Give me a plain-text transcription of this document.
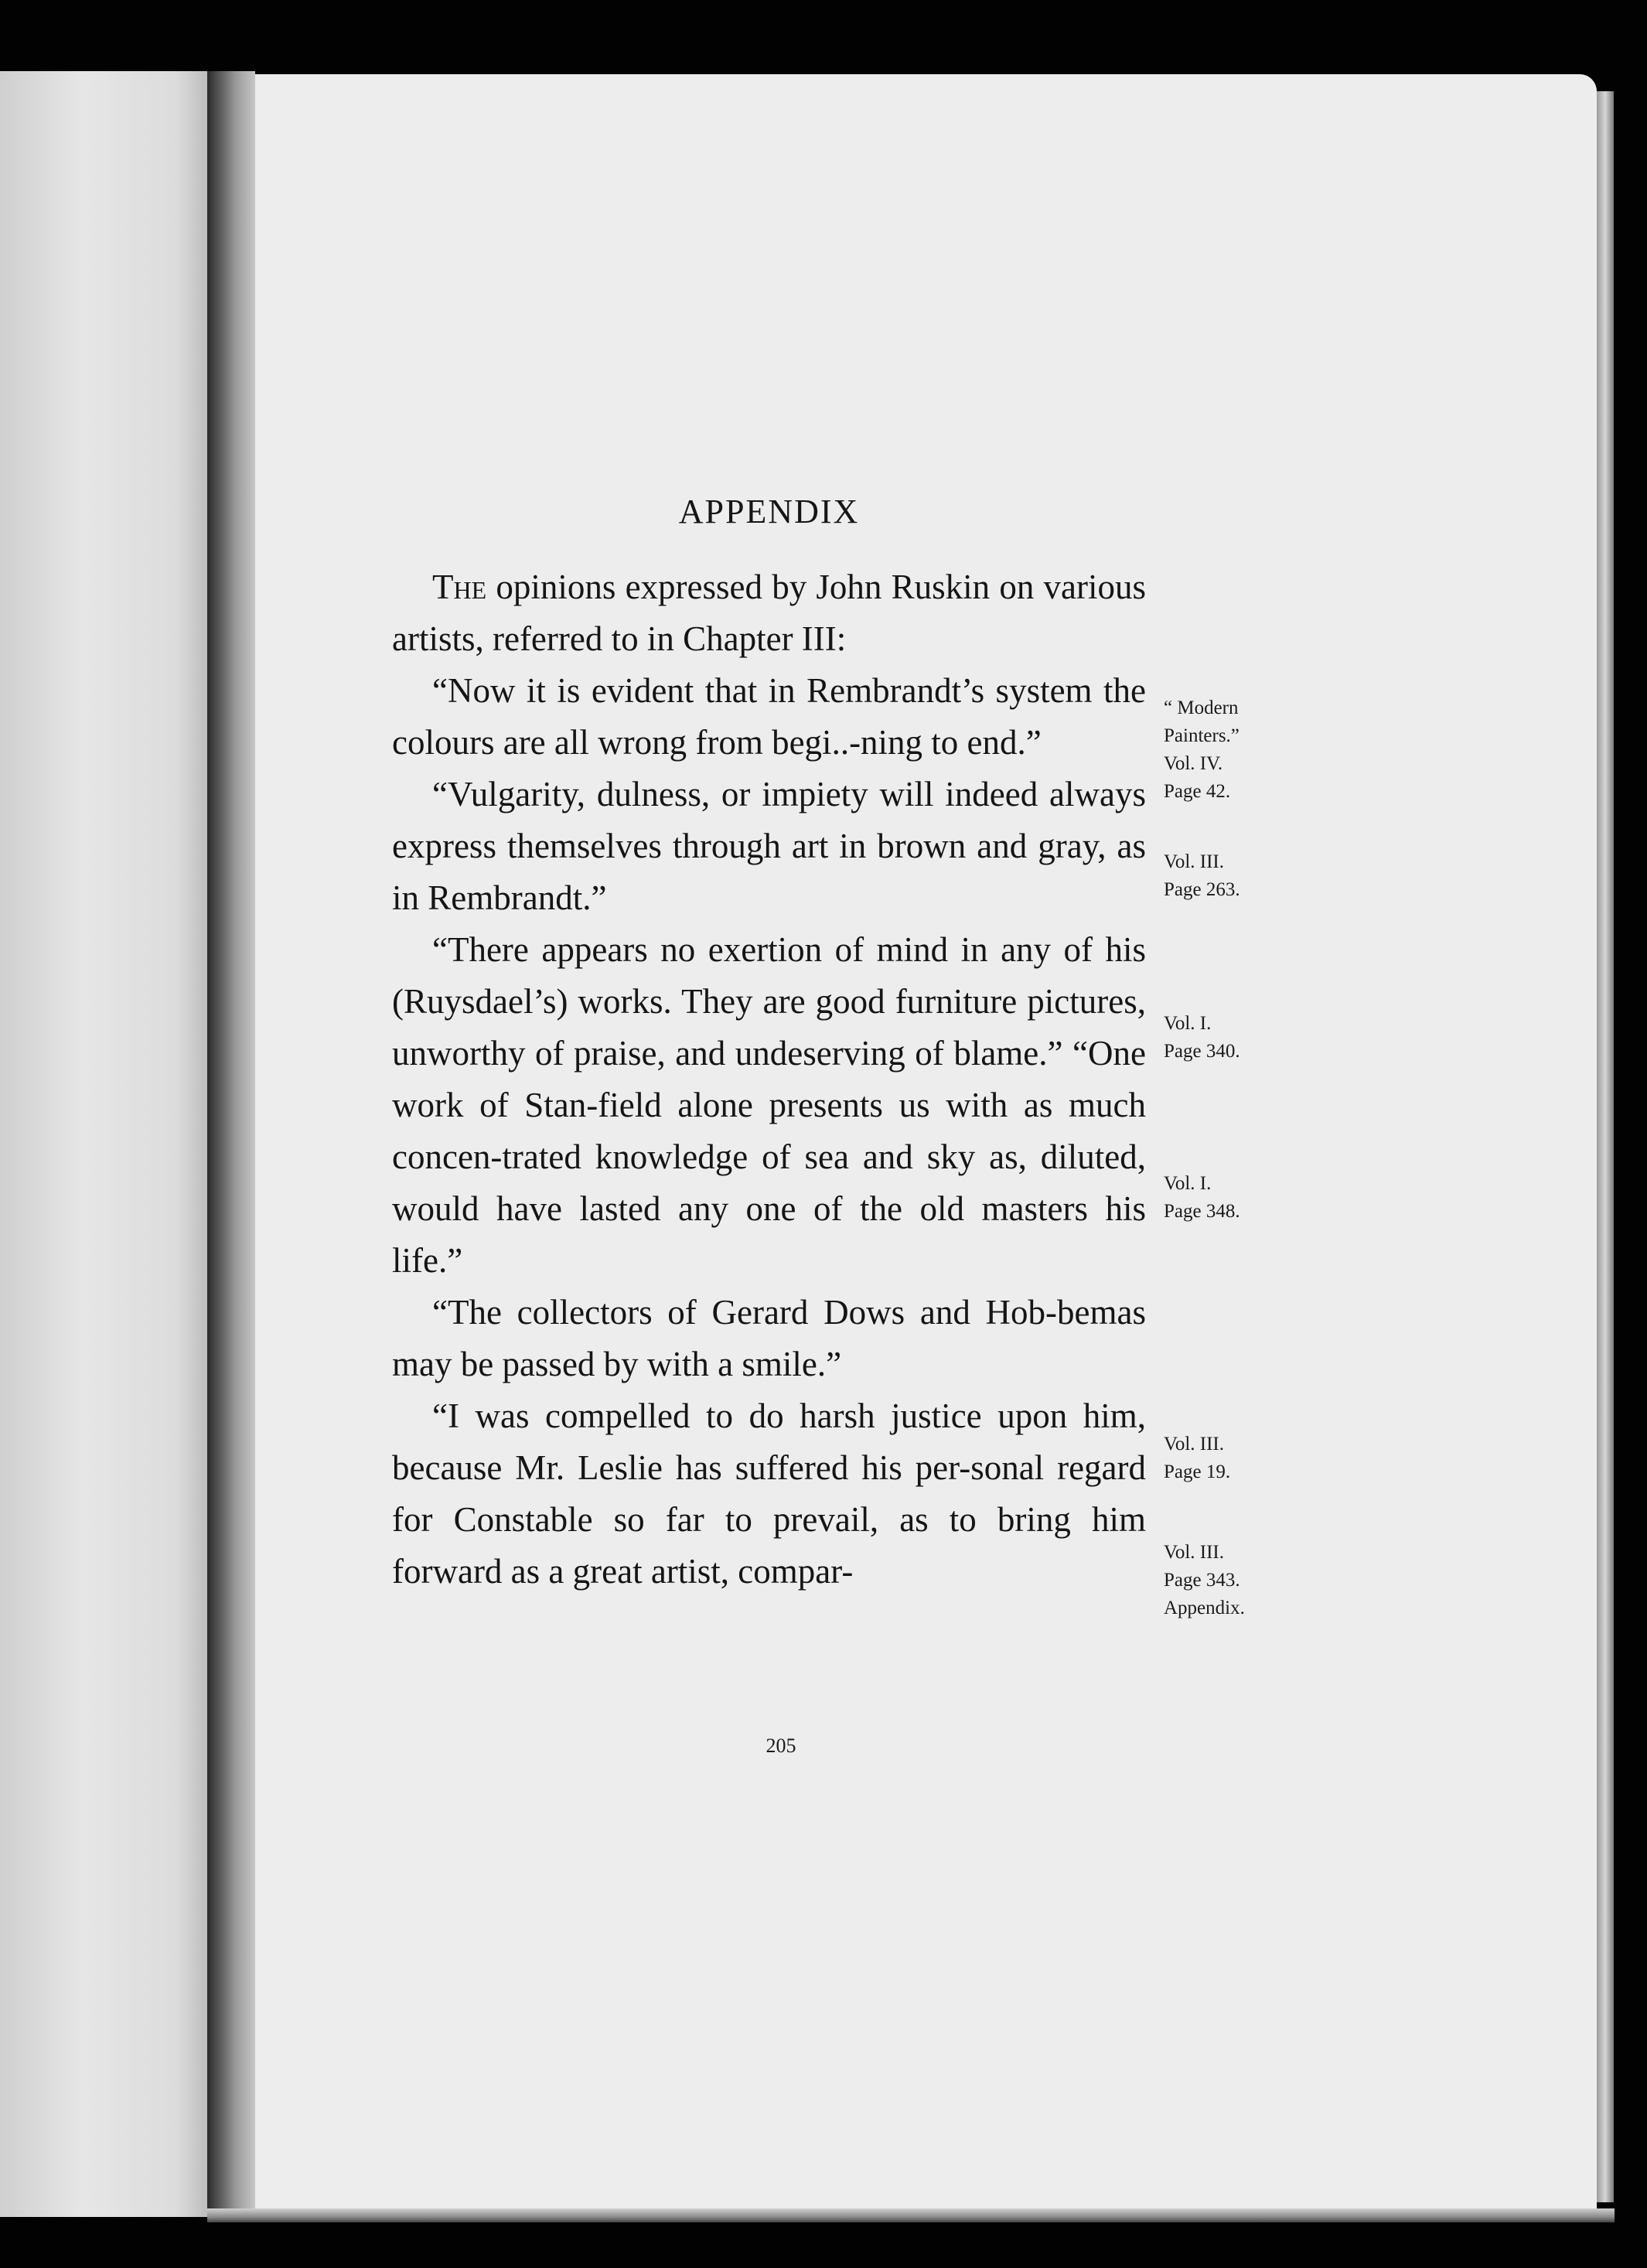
APPENDIX

The opinions expressed by John Ruskin on various artists, referred to in Chapter III:

“Now it is evident that in Rembrandt’s system the colours are all wrong from begi..-ning to end.”

“Vulgarity, dulness, or impiety will indeed always express themselves through art in brown and gray, as in Rembrandt.”

“There appears no exertion of mind in any of his (Ruysdael’s) works. They are good furniture pictures, unworthy of praise, and undeserving of blame.” “One work of Stan-field alone presents us with as much concen-trated knowledge of sea and sky as, diluted, would have lasted any one of the old masters his life.”

“The collectors of Gerard Dows and Hob-bemas may be passed by with a smile.”

“I was compelled to do harsh justice upon him, because Mr. Leslie has suffered his per-sonal regard for Constable so far to prevail, as to bring him forward as a great artist, compar-

“ Modern
Painters.”
Vol. IV.
Page 42.
Vol. III.
Page 263.
Vol. I.
Page 340.
Vol. I.
Page 348.
Vol. III.
Page 19.
Vol. III.
Page 343.
Appendix.
205
